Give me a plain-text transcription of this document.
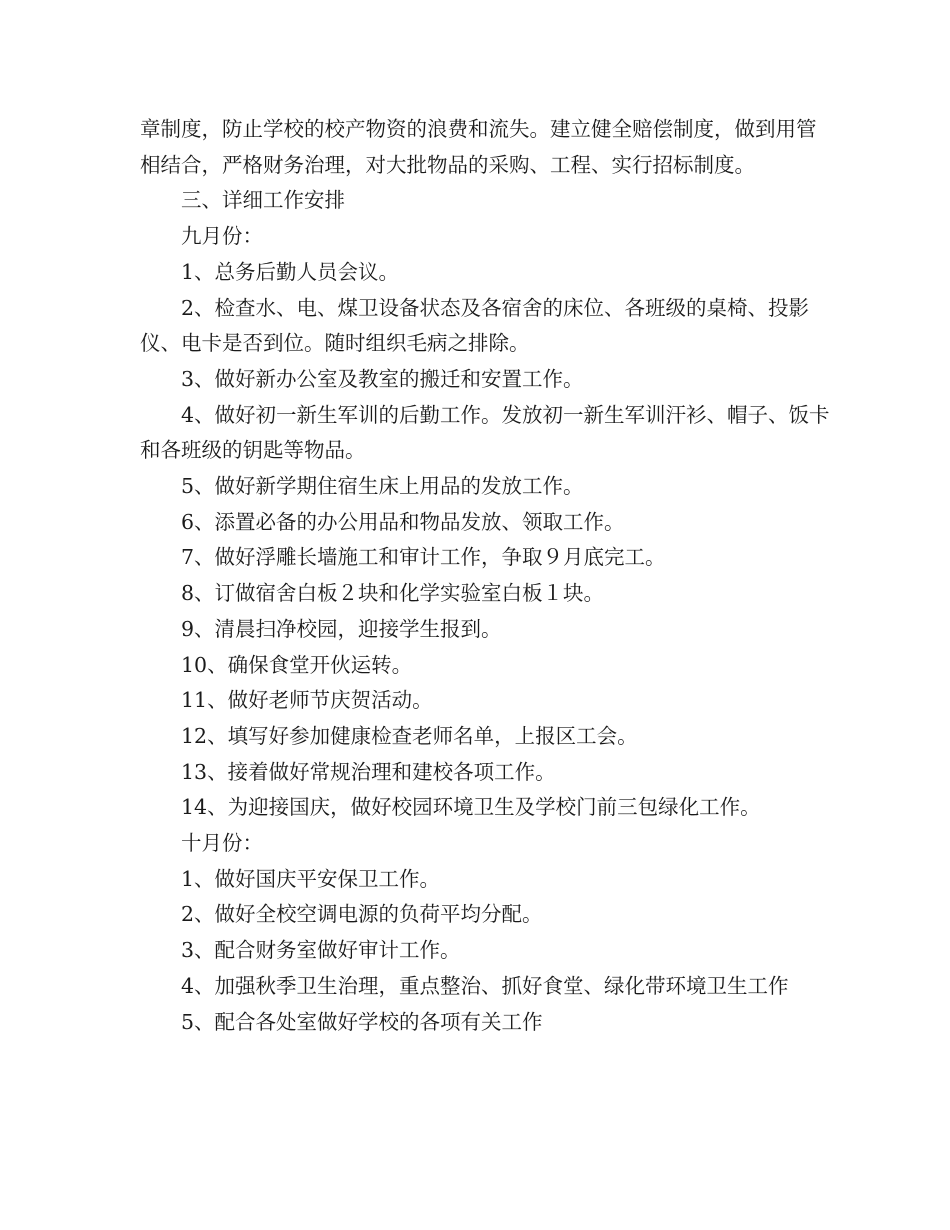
章制度，防止学校的校产物资的浪费和流失。建立健全赔偿制度，做到用管相结合，严格财务治理，对大批物品的采购、工程、实行招标制度。

三、详细工作安排

九月份：

1、总务后勤人员会议。

2、检查水、电、煤卫设备状态及各宿舍的床位、各班级的桌椅、投影仪、电卡是否到位。随时组织毛病之排除。

3、做好新办公室及教室的搬迁和安置工作。

4、做好初一新生军训的后勤工作。发放初一新生军训汗衫、帽子、饭卡和各班级的钥匙等物品。

5、做好新学期住宿生床上用品的发放工作。

6、添置必备的办公用品和物品发放、领取工作。

7、做好浮雕长墙施工和审计工作，争取９月底完工。

8、订做宿舍白板２块和化学实验室白板１块。

9、清晨扫净校园，迎接学生报到。

10、确保食堂开伙运转。

11、做好老师节庆贺活动。

12、填写好参加健康检查老师名单，上报区工会。

13、接着做好常规治理和建校各项工作。

14、为迎接国庆，做好校园环境卫生及学校门前三包绿化工作。

十月份：

1、做好国庆平安保卫工作。

2、做好全校空调电源的负荷平均分配。

3、配合财务室做好审计工作。

4、加强秋季卫生治理，重点整治、抓好食堂、绿化带环境卫生工作

5、配合各处室做好学校的各项有关工作
